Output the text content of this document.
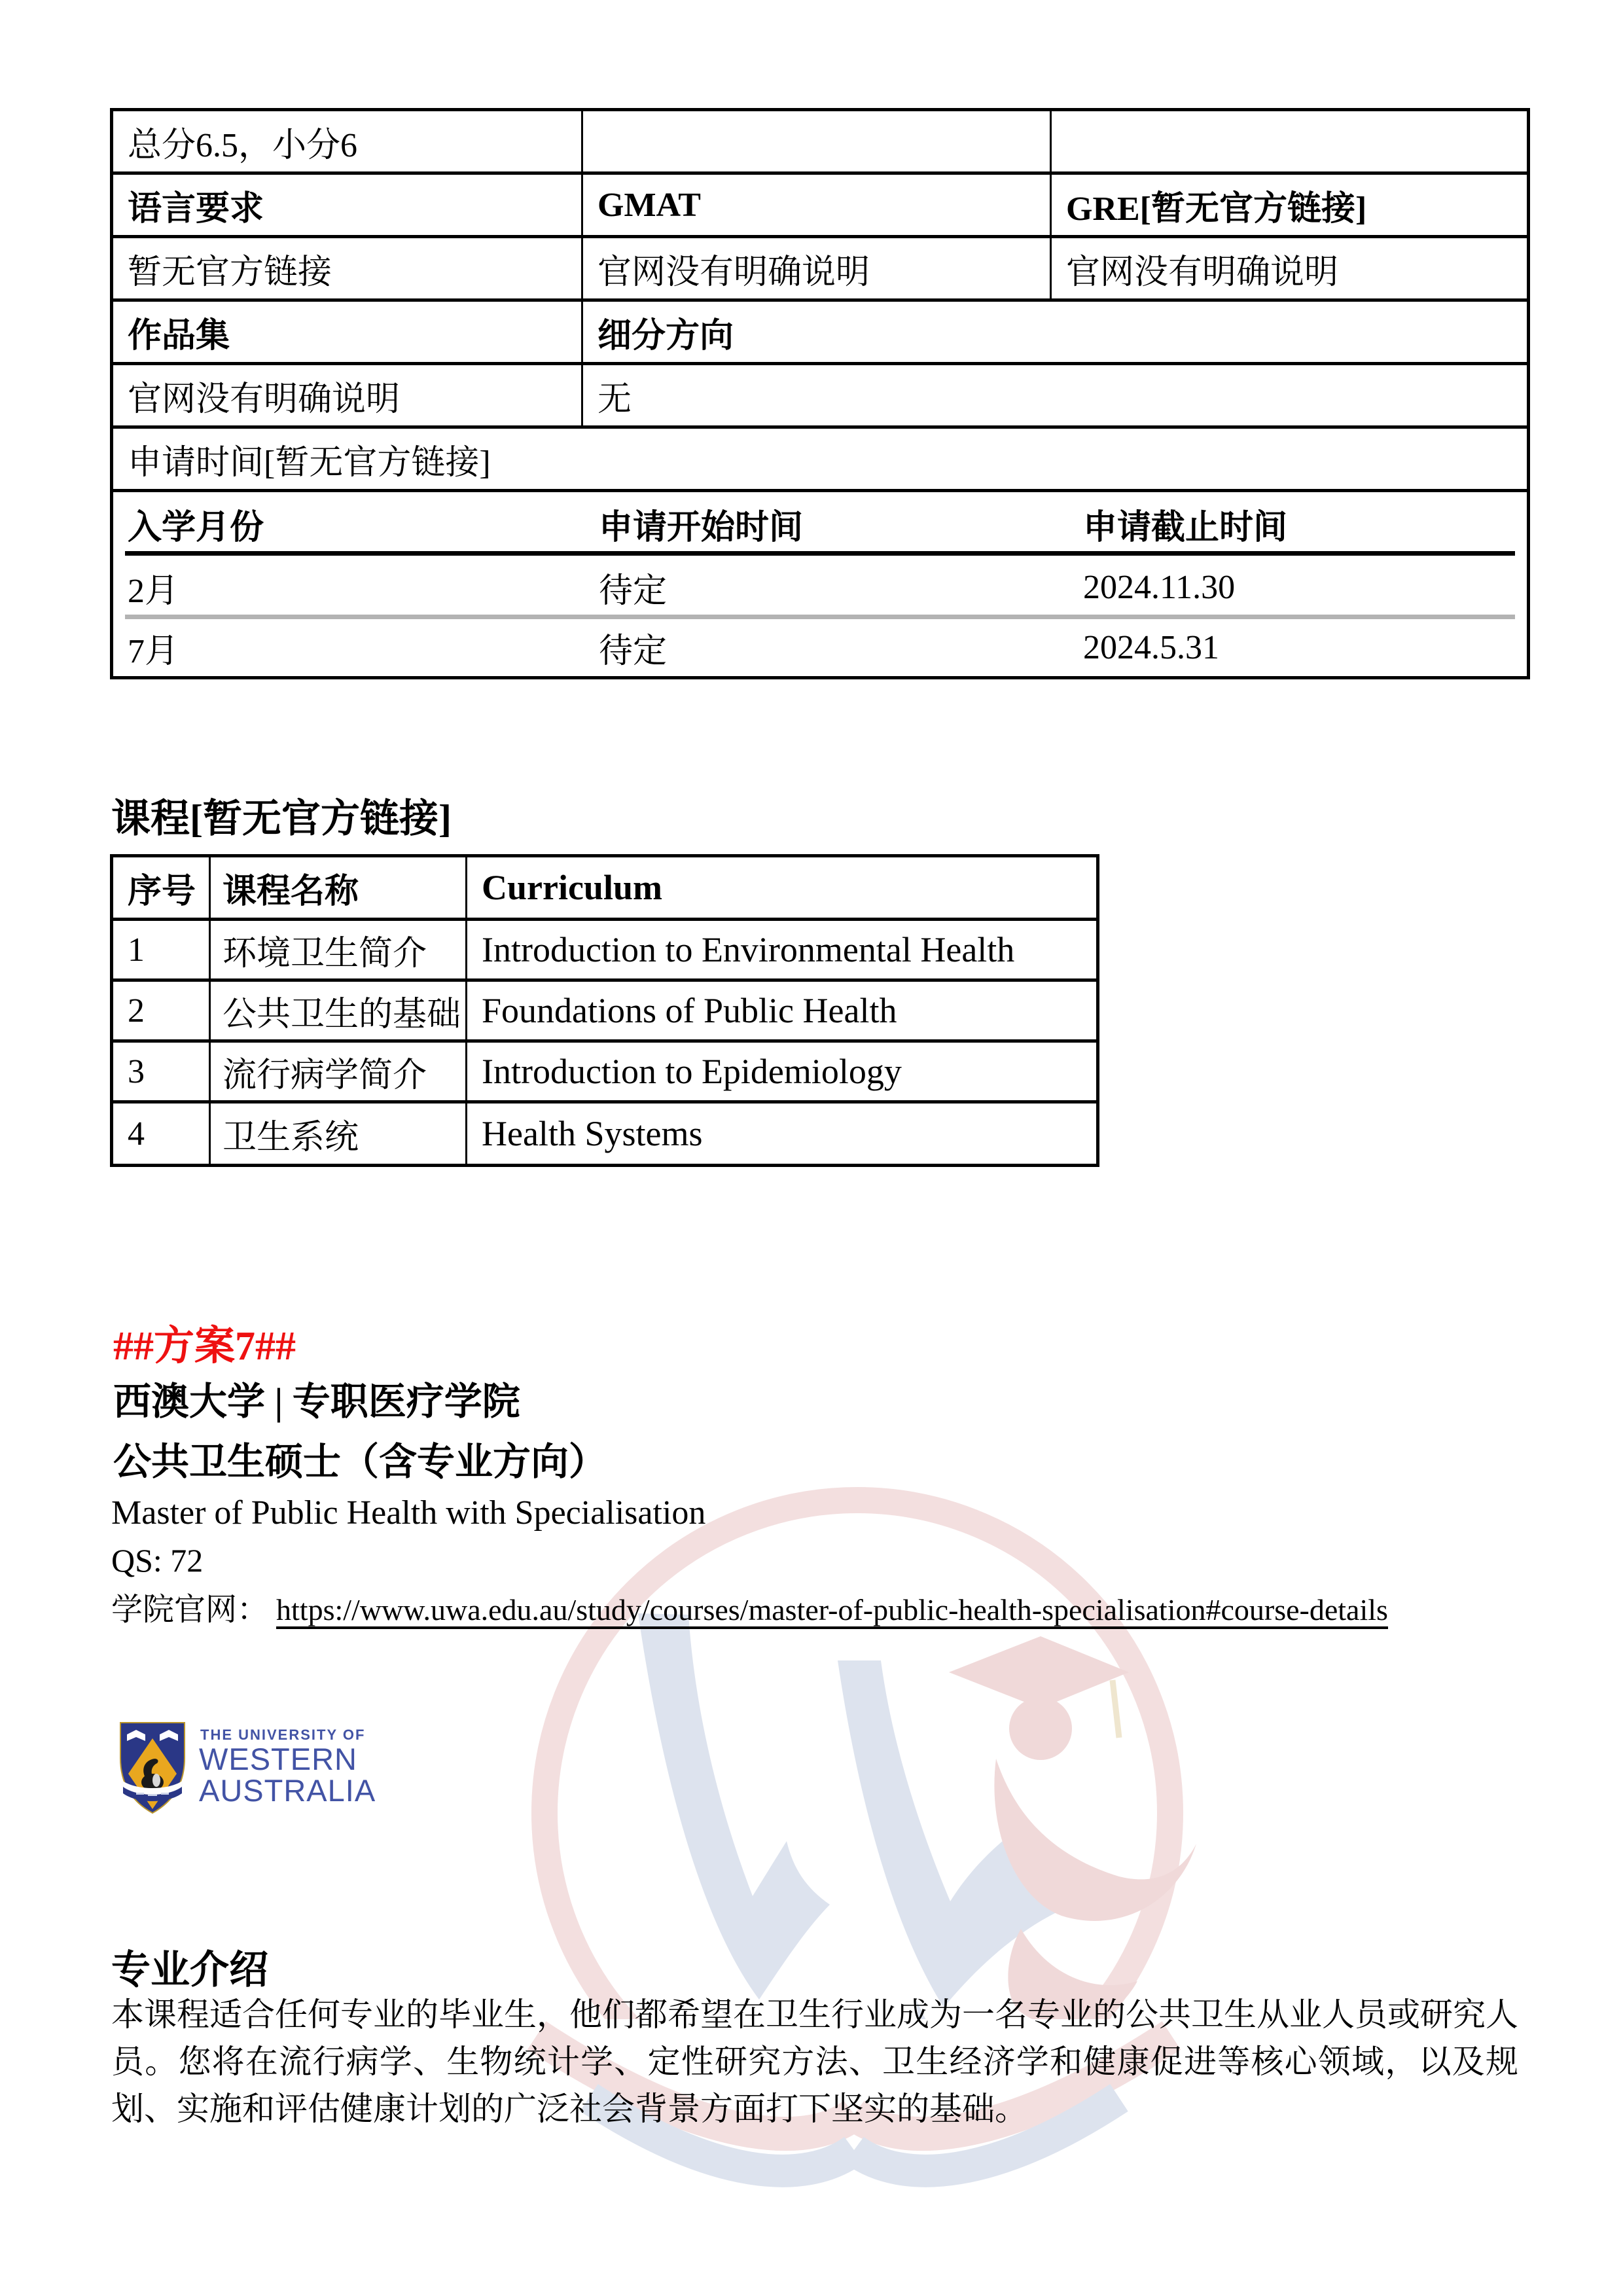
总分6.5，小分6
语言要求	GMAT	GRE[暂无官方链接]
暂无官方链接	官网没有明确说明	官网没有明确说明
作品集	细分方向
官网没有明确说明	无
申请时间[暂无官方链接]
入学月份	申请开始时间	申请截止时间
2月	待定	2024.11.30
7月	待定	2024.5.31
课程[暂无官方链接]
序号 课程名称	Curriculum
1	环境卫生简介	Introduction to Environmental Health
2	公共卫生的基础 Foundations of Public Health
3	流行病学简介	Introduction to Epidemiology
4	卫生系统	Health Systems
##方案7##
西澳大学 | 专职医疗学院
公共卫生硕士（含专业方向）
Master of Public Health with Specialisation
QS: 72
学院官网： https://www.uwa.edu.au/study/courses/master-of-public-health-specialisation#course-details
THE UNIVERSITY OF
WESTERN
AUSTRALIA
专业介绍
本课程适合任何专业的毕业生，他们都希望在卫生行业成为一名专业的公共卫生从业人员或研究人员。您将在流行病学、生物统计学、定性研究方法、卫生经济学和健康促进等核心领域，以及规划、实施和评估健康计划的广泛社会背景方面打下坚实的基础。
